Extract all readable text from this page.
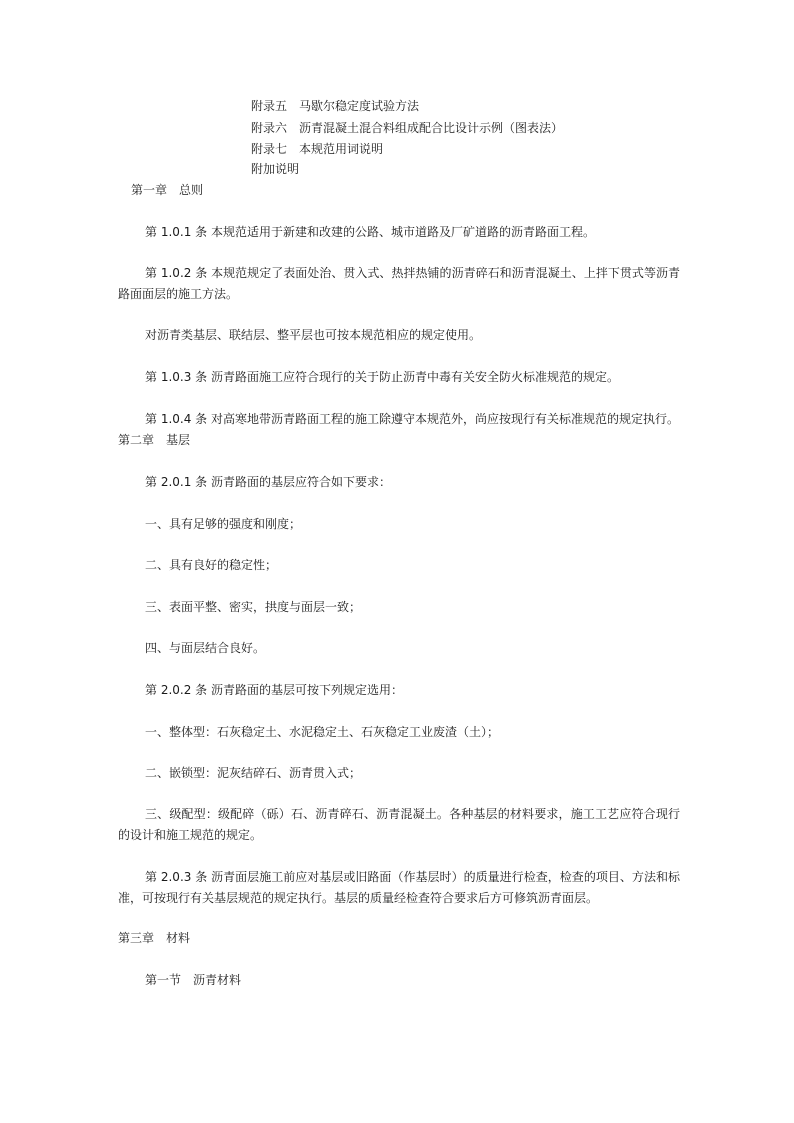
附录五　马歇尔稳定度试验方法
附录六　沥青混凝土混合料组成配合比设计示例（图表法）
附录七　本规范用词说明
附加说明
第一章　总则
第 1.0.1 条 本规范适用于新建和改建的公路、城市道路及厂矿道路的沥青路面工程。
第 1.0.2 条 本规范规定了表面处治、贯入式、热拌热铺的沥青碎石和沥青混凝土、上拌下贯式等沥青路面面层的施工方法。
对沥青类基层、联结层、整平层也可按本规范相应的规定使用。
第 1.0.3 条 沥青路面施工应符合现行的关于防止沥青中毒有关安全防火标准规范的规定。
第 1.0.4 条 对高寒地带沥青路面工程的施工除遵守本规范外，尚应按现行有关标准规范的规定执行。
第二章　基层
第 2.0.1 条 沥青路面的基层应符合如下要求：
一、具有足够的强度和刚度；
二、具有良好的稳定性；
三、表面平整、密实，拱度与面层一致；
四、与面层结合良好。
第 2.0.2 条 沥青路面的基层可按下列规定选用：
一、整体型：石灰稳定土、水泥稳定土、石灰稳定工业废渣（土）；
二、嵌锁型：泥灰结碎石、沥青贯入式；
三、级配型：级配碎（砾）石、沥青碎石、沥青混凝土。各种基层的材料要求，施工工艺应符合现行的设计和施工规范的规定。
第 2.0.3 条 沥青面层施工前应对基层或旧路面（作基层时）的质量进行检查，检查的项目、方法和标准，可按现行有关基层规范的规定执行。基层的质量经检查符合要求后方可修筑沥青面层。
第三章　材料
第一节　沥青材料
